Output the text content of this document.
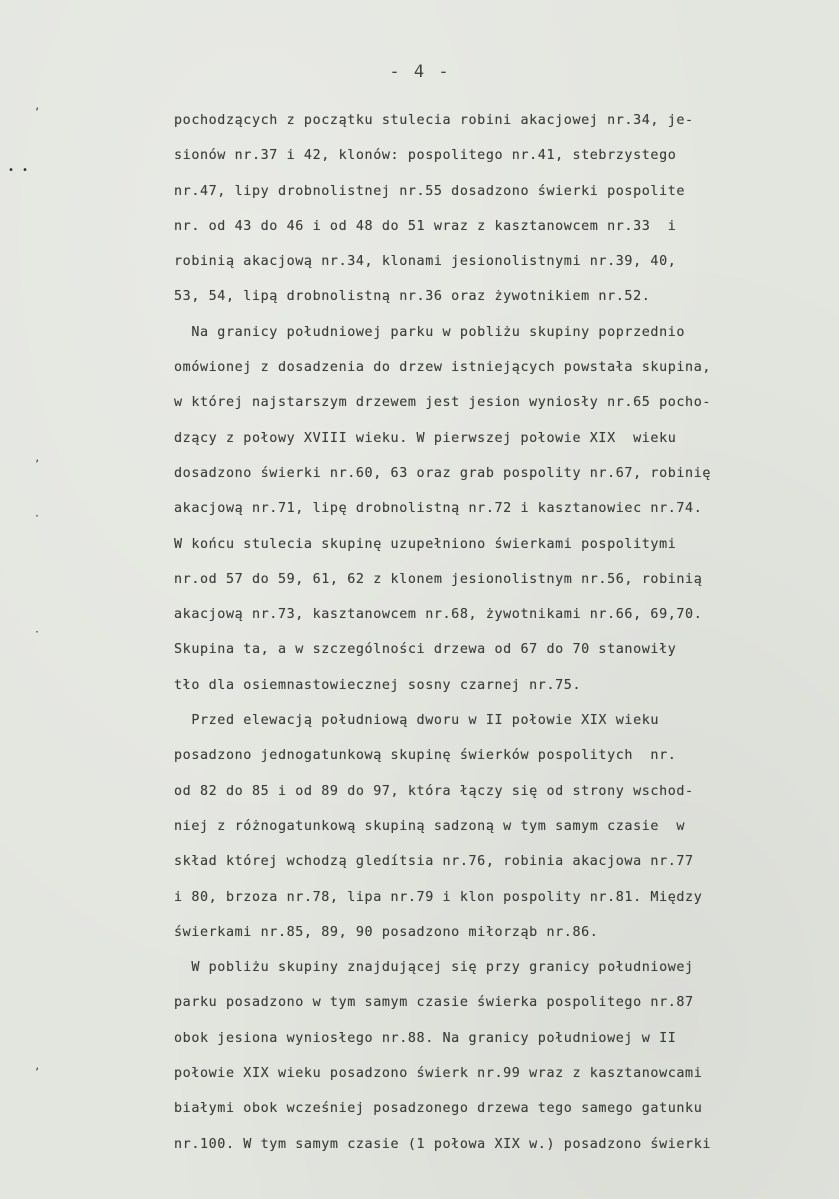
- 4 -
ʼ
• •
ʼ
·
·
ʼ
pochodzących z początku stulecia robini akacjowej nr.34, je-
sionów nr.37 i 42, klonów: pospolitego nr.41, stebrzystego
nr.47, lipy drobnolistnej nr.55 dosadzono świerki pospolite
nr. od 43 do 46 i od 48 do 51 wraz z kasztanowcem nr.33  i
robinią akacjową nr.34, klonami jesionolistnymi nr.39, 40,
53, 54, lipą drobnolistną nr.36 oraz żywotnikiem nr.52.
Na granicy południowej parku w pobliżu skupiny poprzednio
omówionej z dosadzenia do drzew istniejących powstała skupina,
w której najstarszym drzewem jest jesion wyniosły nr.65 pocho-
dzący z połowy XVIII wieku. W pierwszej połowie XIX  wieku
dosadzono świerki nr.60, 63 oraz grab pospolity nr.67, robinię
akacjową nr.71, lipę drobnolistną nr.72 i kasztanowiec nr.74.
W końcu stulecia skupinę uzupełniono świerkami pospolitymi
nr.od 57 do 59, 61, 62 z klonem jesionolistnym nr.56, robinią
akacjową nr.73, kasztanowcem nr.68, żywotnikami nr.66, 69,70.
Skupina ta, a w szczególności drzewa od 67 do 70 stanowiły
tło dla osiemnastowiecznej sosny czarnej nr.75.
Przed elewacją południową dworu w II połowie XIX wieku
posadzono jednogatunkową skupinę świerków pospolitych  nr.
od 82 do 85 i od 89 do 97, która łączy się od strony wschod-
niej z różnogatunkową skupiną sadzoną w tym samym czasie  w
skład której wchodzą gledítsia nr.76, robinia akacjowa nr.77
i 80, brzoza nr.78, lipa nr.79 i klon pospolity nr.81. Między
świerkami nr.85, 89, 90 posadzono miłorząb nr.86.
W pobliżu skupiny znajdującej się przy granicy południowej
parku posadzono w tym samym czasie świerka pospolitego nr.87
obok jesiona wyniosłego nr.88. Na granicy południowej w II
połowie XIX wieku posadzono świerk nr.99 wraz z kasztanowcami
białymi obok wcześniej posadzonego drzewa tego samego gatunku
nr.100. W tym samym czasie (1 połowa XIX w.) posadzono świerki
